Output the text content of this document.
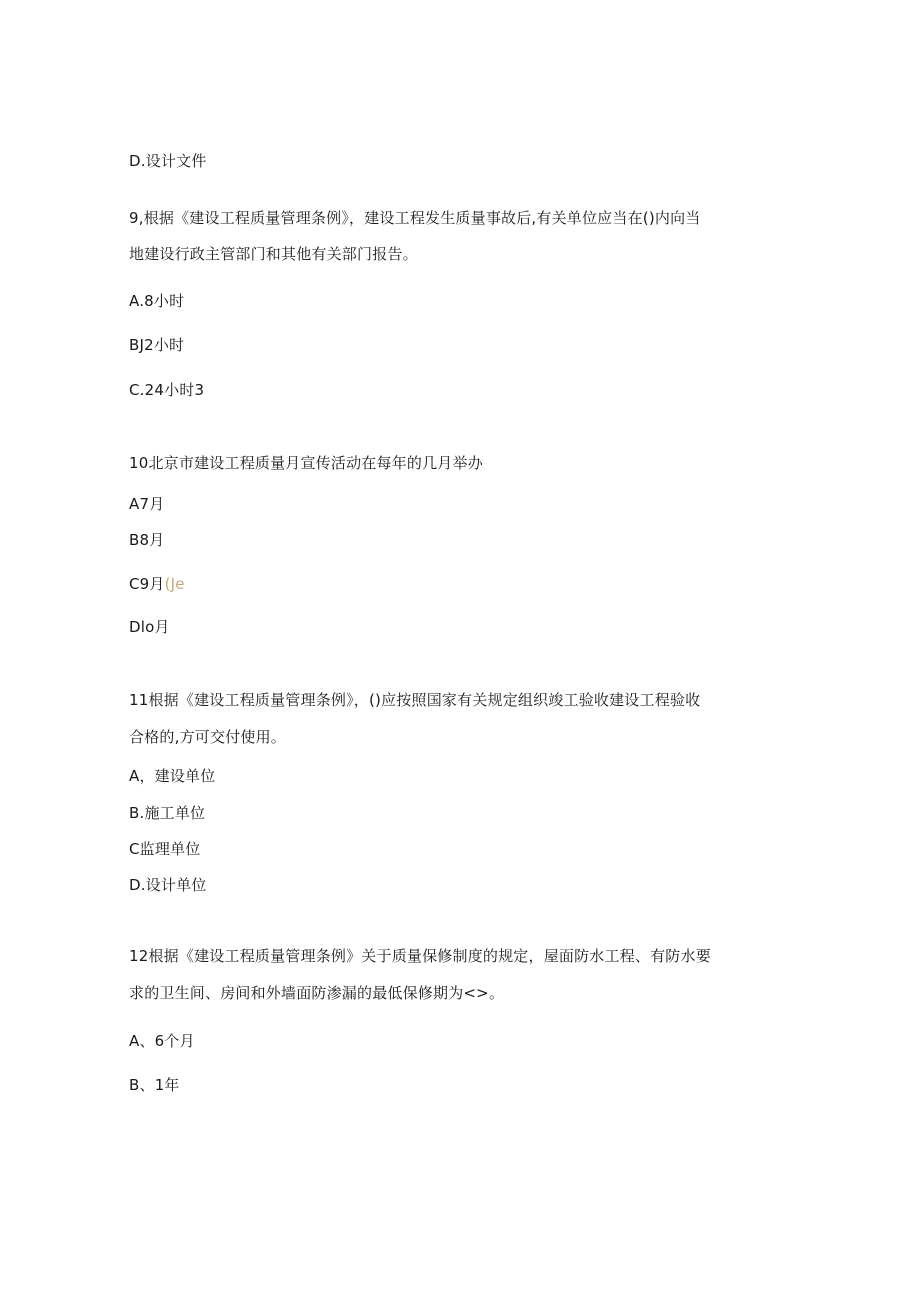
D.设计文件
9,根据《建设工程质量管理条例》，建设工程发生质量事故后,有关单位应当在()内向当
地建设行政主管部门和其他有关部门报告。
A.8小时
BJ2小时
C.24小时3
10北京市建设工程质量月宣传活动在每年的几月举办
A7月
B8月
C9月(Je
Dlo月
11根据《建设工程质量管理条例》，()应按照国家有关规定组织竣工验收建设工程验收
合格的,方可交付使用。
A，建设单位
B.施工单位
C监理单位
D.设计单位
12根据《建设工程质量管理条例》关于质量保修制度的规定，屋面防水工程、有防水要
求的卫生间、房间和外墙面防渗漏的最低保修期为<>。
A、6个月
B、1年
